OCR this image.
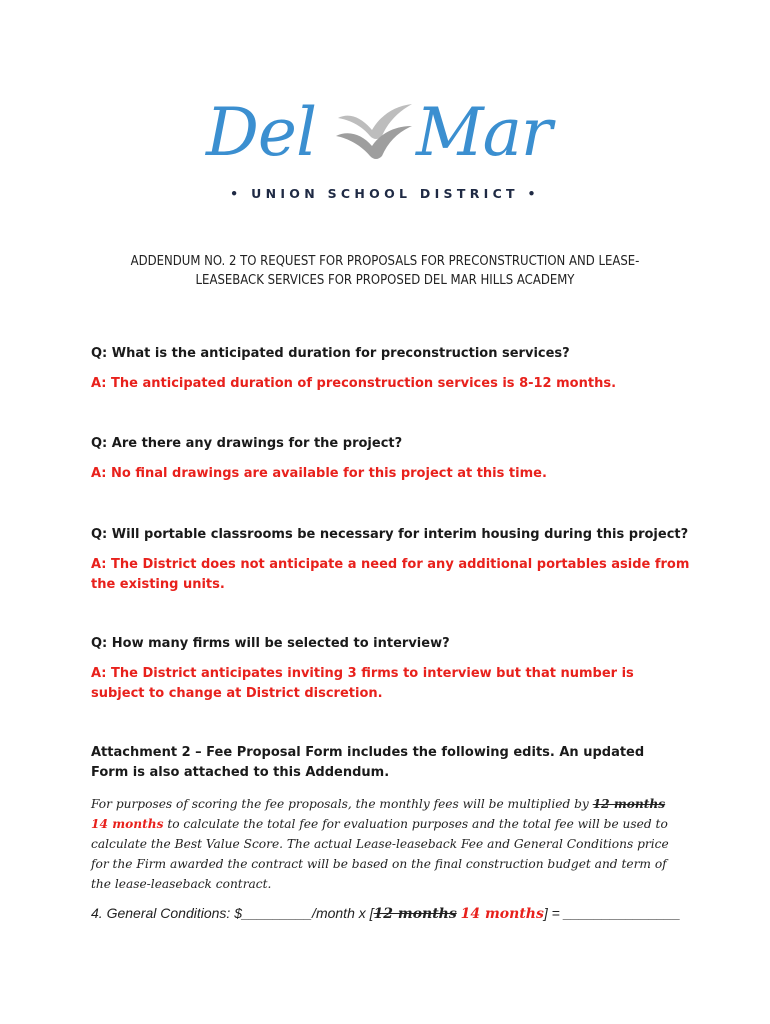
Del Mar
• UNION SCHOOL DISTRICT •
ADDENDUM NO. 2 TO REQUEST FOR PROPOSALS FOR PRECONSTRUCTION AND LEASE-
LEASEBACK SERVICES FOR PROPOSED DEL MAR HILLS ACADEMY

Q: What is the anticipated duration for preconstruction services?

A: The anticipated duration of preconstruction services is 8-12 months.

Q: Are there any drawings for the project?

A: No final drawings are available for this project at this time.

Q: Will portable classrooms be necessary for interim housing during this project?

A: The District does not anticipate a need for any additional portables aside from the existing units.

Q: How many firms will be selected to interview?

A: The District anticipates inviting 3 firms to interview but that number is subject to change at District discretion.

Attachment 2 – Fee Proposal Form includes the following edits. An updated Form is also attached to this Addendum.
For purposes of scoring the fee proposals, the monthly fees will be multiplied by 12 months 14 months to calculate the total fee for evaluation purposes and the total fee will be used to calculate the Best Value Score. The actual Lease-leaseback Fee and General Conditions price for the Firm awarded the contract will be based on the final construction budget and term of the lease-leaseback contract.
4. General Conditions: $_________/month x [12 months 14 months] = _______________
